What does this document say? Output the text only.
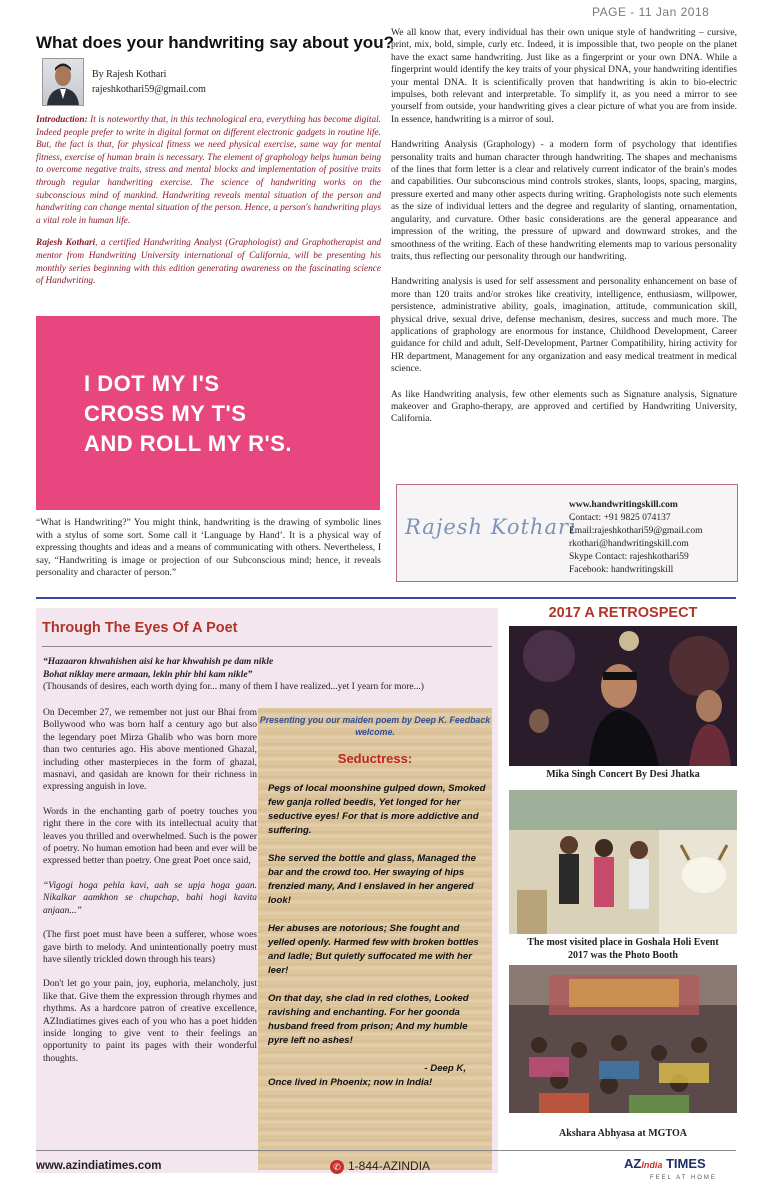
PAGE - 11 Jan 2018
What does your handwriting say about you?
By Rajesh Kothari
rajeshkothari59@gmail.com

Introduction: It is noteworthy that, in this technological era, everything has become digital. Indeed people prefer to write in digital format on different electronic gadgets in routine life. But, the fact is that, for physical fitness we need physical exercise, same way for mental fitness, exercise of human brain is necessary. The element of graphology helps human being to overcome negative traits, stress and mental blocks and implementation of positive traits through regular handwriting exercise. The science of handwriting works on the subconscious mind of mankind. Handwriting reveals mental situation of the person and handwriting can change mental situation of the person. Hence, a person's handwriting plays a vital role in human life.

Rajesh Kothari, a certified Handwriting Analyst (Graphologist) and Graphotherapist and mentor from Handwriting University international of California, will be presenting his monthly series beginning with this edition generating awareness on the fascinating science of Handwriting.

I DOT MY I'S
CROSS MY T'S
AND ROLL MY R'S.
“What is Handwriting?” You might think, handwriting is the drawing of symbolic lines with a stylus of some sort. Some call it ‘Language by Hand’. It is a physical way of expressing thoughts and ideas and a means of communicating with others. Nevertheless, I say, “Handwriting is image or projection of our Subconscious mind; hence, it reveals personality and character of person.”

We all know that, every individual has their own unique style of handwriting – cursive, print, mix, bold, simple, curly etc. Indeed, it is impossible that, two people on the planet have the exact same handwriting. Just like as a fingerprint or your own DNA. While a fingerprint would identify the key traits of your physical DNA, your handwriting identifies your mental DNA. It is scientifically proven that handwriting is akin to bio-electric impulses, both relevant and interpretable. To simplify it, as you need a mirror to see yourself from outside, your handwriting gives a clear picture of what you are from inside. In essence, handwriting is a mirror of soul.

Handwriting Analysis (Graphology) - a modern form of psychology that identifies personality traits and human character through handwriting. The shapes and mechanisms of the lines that form letter is a clear and relatively current indicator of the brain's modes and capabilities. Our subconscious mind controls strokes, slants, loops, spacing, margins, pressure exerted and many other aspects during writing. Graphologists note such elements as the size of individual letters and the degree and regularity of slanting, ornamentation, angularity, and curvature. Other basic considerations are the general appearance and impression of the writing, the pressure of upward and downward strokes, and the smoothness of the writing. Each of these handwriting elements map to various personality traits, thus reflecting our personality through our handwriting.

Handwriting analysis is used for self assessment and personality enhancement on base of more than 120 traits and/or strokes like creativity, intelligence, enthusiasm, willpower, persistence, administrative ability, goals, imagination, attitude, communication skill, physical drive, sexual drive, defense mechanism, desires, success and much more. The applications of graphology are enormous for instance, Childhood Development, Career guidance for child and adult, Self-Development, Partner Compatibility, hiring activity for HR department, Management for any organization and easy medical treatment in medical science.

As like Handwriting analysis, few other elements such as Signature analysis, Signature makeover and Grapho-therapy, are approved and certified by Handwriting University, California.

Rajesh Kothari
www.handwritingskill.com
Contact: +91 9825 074137
Email:rajeshkothari59@gmail.com
rkothari@handwritingskill.com
Skype Contact: rajeshkothari59
Facebook: handwritingskill
Through The Eyes Of A Poet
“Hazaaron khwahishen aisi ke har khwahish pe dam nikle
Bohat niklay mere armaan, lekin phir bhi kam nikle”
(Thousands of desires, each worth dying for... many of them I have realized...yet I yearn for more...)

On December 27, we remember not just our Bhai from Bollywood who was born half a century ago but also the legendary poet Mirza Ghalib who was born more than two centuries ago. His above mentioned Ghazal, including other masterpieces in the form of ghazal, masnavi, and qasidah are known for their richness in expressing anguish in love.

Words in the enchanting garb of poetry touches you right there in the core with its intellectual acuity that leaves you thrilled and overwhelmed. Such is the power of poetry. No human emotion had been and ever will be expressed better than poetry. One great Poet once said,

“Vigogi hoga pehla kavi, aah se upja hoga gaan. Nikalkar aamkhon se chupchap, bahi hogi kavita anjaan...”

(The first poet must have been a sufferer, whose woes gave birth to melody. And unintentionally poetry must have silently trickled down through his tears)

Don't let go your pain, joy, euphoria, melancholy, just like that. Give them the expression through rhymes and rhythms. As a hardcore patron of creative excellence, AZIndiatimes gives each of you who has a poet hidden inside longing to give vent to their feelings an opportunity to paint its pages with their wonderful thoughts.

Presenting you our maiden poem by Deep K. Feedback welcome.
Seductress:
Pegs of local moonshine gulped down, Smoked few ganja rolled beedis, Yet longed for her seductive eyes! For that is more addictive and suffering.
She served the bottle and glass, Managed the bar and the crowd too. Her swaying of hips frenzied many, And I enslaved in her angered look!
Her abuses are notorious; She fought and yelled openly. Harmed few with broken bottles and ladle; But quietly suffocated me with her leer!
On that day, she clad in red clothes, Looked ravishing and enchanting. For her goonda husband freed from prison; And my humble pyre left no ashes!
- Deep K,
Once lived in Phoenix; now in India!
2017 A RETROSPECT
Mika Singh Concert By Desi Jhatka
The most visited place in Goshala Holi Event
2017 was the Photo Booth
Akshara Abhyasa at MGTOA
www.azindiatimes.com	✆ 1-844-AZINDIA	AZIndia TIMES
FEEL AT HOME
